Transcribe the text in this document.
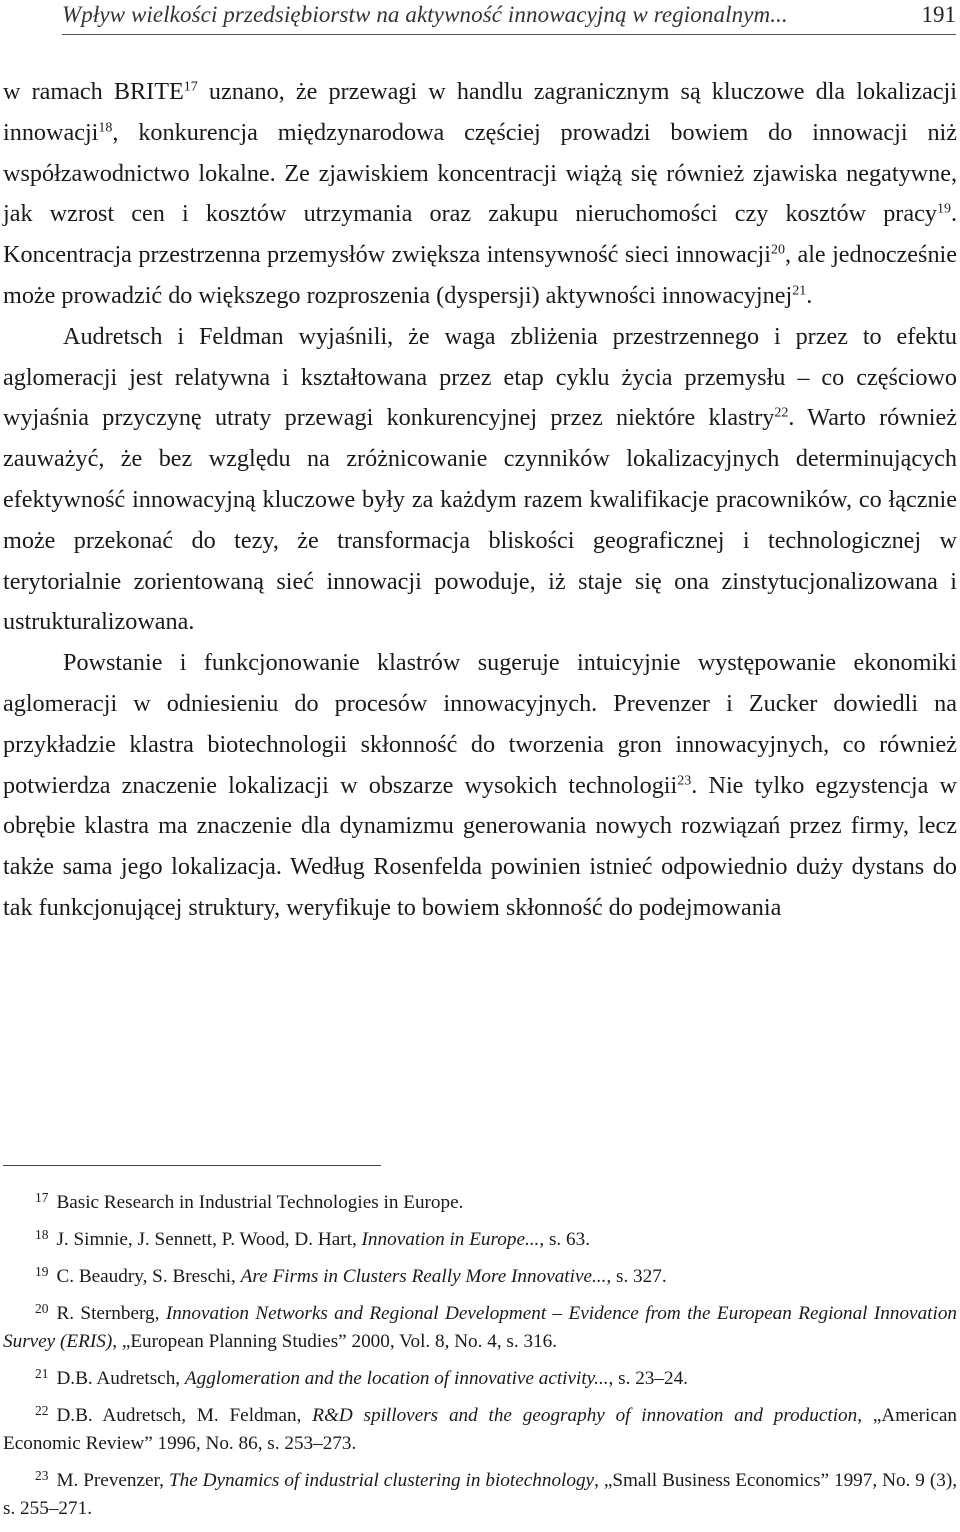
Wpływ wielkości przedsiębiorstw na aktywność innowacyjną w regionalnym...	191

w ramach BRITE$^{17}$ uznano, że przewagi w handlu zagranicznym są kluczowe dla lokalizacji innowacji$^{18}$, konkurencja międzynarodowa częściej prowadzi bowiem do innowacji niż współzawodnictwo lokalne. Ze zjawiskiem koncentracji wiążą się również zjawiska negatywne, jak wzrost cen i kosztów utrzymania oraz zakupu nieruchomości czy kosztów pracy$^{19}$. Koncentracja przestrzenna przemysłów zwiększa intensywność sieci innowacji$^{20}$, ale jednocześnie może prowadzić do większego rozproszenia (dyspersji) aktywności innowacyjnej$^{21}$.

Audretsch i Feldman wyjaśnili, że waga zbliżenia przestrzennego i przez to efektu aglomeracji jest relatywna i kształtowana przez etap cyklu życia przemysłu – co częściowo wyjaśnia przyczynę utraty przewagi konkurencyjnej przez niektóre klastry$^{22}$. Warto również zauważyć, że bez względu na zróżnicowanie czynników lokalizacyjnych determinujących efektywność innowacyjną kluczowe były za każdym razem kwalifikacje pracowników, co łącznie może przekonać do tezy, że transformacja bliskości geograficznej i technologicznej w terytorialnie zorientowaną sieć innowacji powoduje, iż staje się ona zinstytucjonalizowana i ustrukturalizowana.

Powstanie i funkcjonowanie klastrów sugeruje intuicyjnie występowanie ekonomiki aglomeracji w odniesieniu do procesów innowacyjnych. Prevenzer i Zucker dowiedli na przykładzie klastra biotechnologii skłonność do tworzenia gron innowacyjnych, co również potwierdza znaczenie lokalizacji w obszarze wysokich technologii$^{23}$. Nie tylko egzystencja w obrębie klastra ma znaczenie dla dynamizmu generowania nowych rozwiązań przez firmy, lecz także sama jego lokalizacja. Według Rosenfelda powinien istnieć odpowiednio duży dystans do tak funkcjonującej struktury, weryfikuje to bowiem skłonność do podejmowania

$^{17}$ Basic Research in Industrial Technologies in Europe.

$^{18}$ J. Simnie, J. Sennett, P. Wood, D. Hart, Innovation in Europe..., s. 63.

$^{19}$ C. Beaudry, S. Breschi, Are Firms in Clusters Really More Innovative..., s. 327.

$^{20}$ R. Sternberg, Innovation Networks and Regional Development – Evidence from the European Regional Innovation Survey (ERIS), „European Planning Studies” 2000, Vol. 8, No. 4, s. 316.

$^{21}$ D.B. Audretsch, Agglomeration and the location of innovative activity..., s. 23–24.

$^{22}$ D.B. Audretsch, M. Feldman, R&D spillovers and the geography of innovation and production, „American Economic Review” 1996, No. 86, s. 253–273.

$^{23}$ M. Prevenzer, The Dynamics of industrial clustering in biotechnology, „Small Business Economics” 1997, No. 9 (3), s. 255–271.
